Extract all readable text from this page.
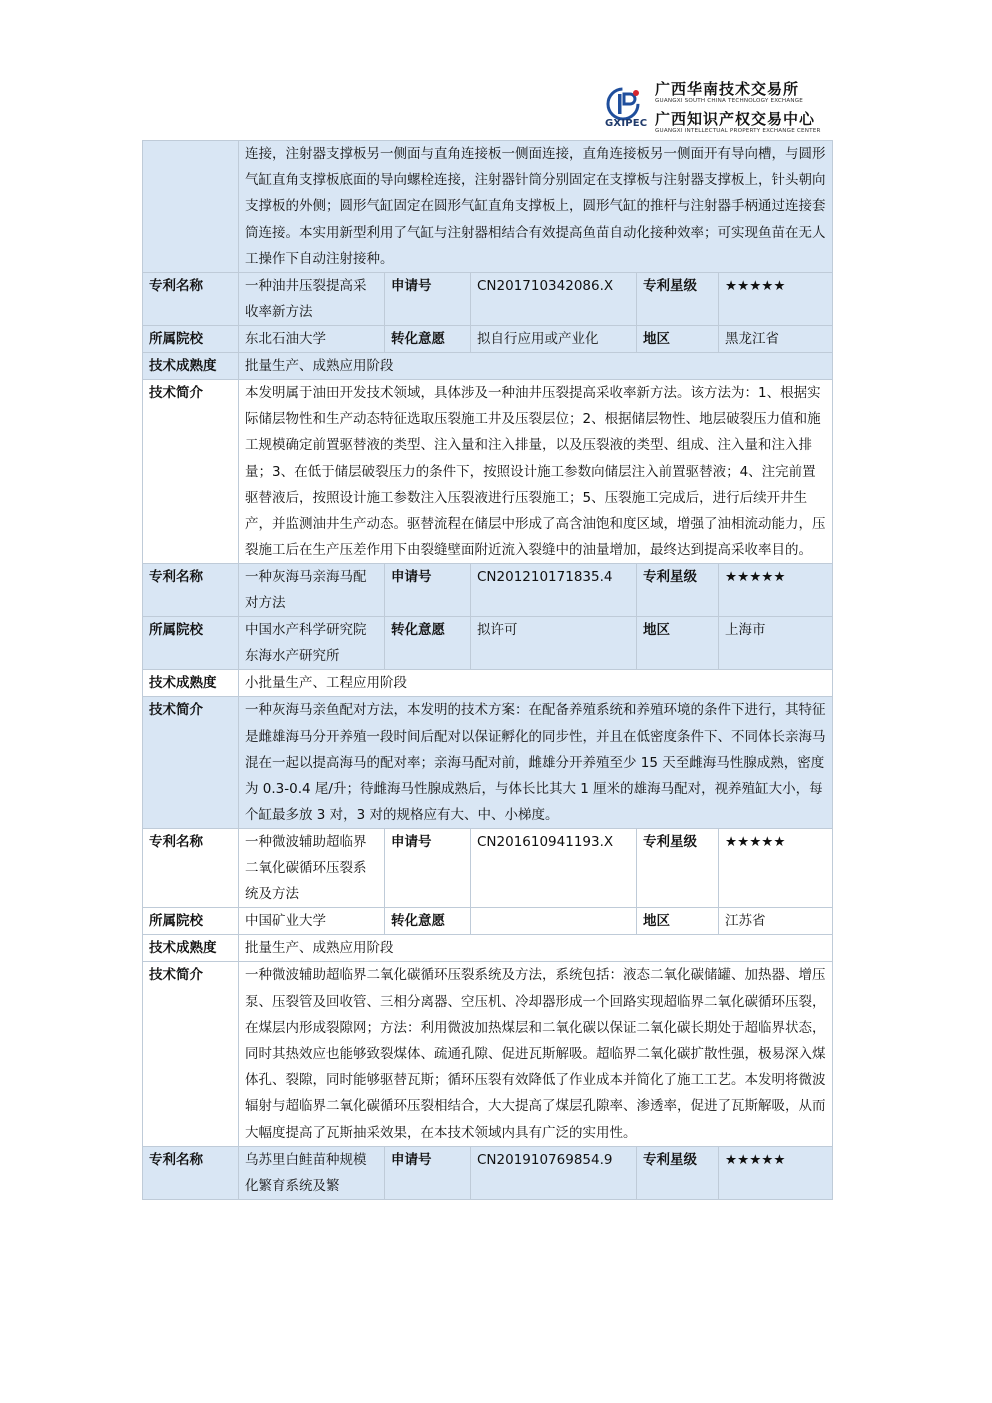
GXIPEC
广西华南技术交易所
GUANGXI SOUTH CHINA TECHNOLOGY EXCHANGE
广西知识产权交易中心
GUANGXI INTELLECTUAL PROPERTY EXCHANGE CENTER
	连接，注射器支撑板另一侧面与直角连接板一侧面连接，直角连接板另一侧面开有导向槽，与圆形气缸直角支撑板底面的导向螺栓连接，注射器针筒分别固定在支撑板与注射器支撑板上，针头朝向支撑板的外侧；圆形气缸固定在圆形气缸直角支撑板上，圆形气缸的推杆与注射器手柄通过连接套筒连接。本实用新型利用了气缸与注射器相结合有效提高鱼苗自动化接种效率；可实现鱼苗在无人工操作下自动注射接种。				
专利名称	一种油井压裂提高采收率新方法	申请号	CN201710342086.X	专利星级	★★★★★
所属院校	东北石油大学	转化意愿	拟自行应用或产业化	地区	黑龙江省
技术成熟度	批量生产、成熟应用阶段				
技术简介	本发明属于油田开发技术领域，具体涉及一种油井压裂提高采收率新方法。该方法为：1、根据实际储层物性和生产动态特征选取压裂施工井及压裂层位；2、根据储层物性、地层破裂压力值和施工规模确定前置驱替液的类型、注入量和注入排量，以及压裂液的类型、组成、注入量和注入排量；3、在低于储层破裂压力的条件下，按照设计施工参数向储层注入前置驱替液；4、注完前置驱替液后，按照设计施工参数注入压裂液进行压裂施工；5、压裂施工完成后，进行后续开井生产，并监测油井生产动态。驱替流程在储层中形成了高含油饱和度区域，增强了油相流动能力，压裂施工后在生产压差作用下由裂缝壁面附近流入裂缝中的油量增加，最终达到提高采收率目的。				
专利名称	一种灰海马亲海马配对方法	申请号	CN201210171835.4	专利星级	★★★★★
所属院校	中国水产科学研究院东海水产研究所	转化意愿	拟许可	地区	上海市
技术成熟度	小批量生产、工程应用阶段				
技术简介	一种灰海马亲鱼配对方法，本发明的技术方案：在配备养殖系统和养殖环境的条件下进行，其特征是雌雄海马分开养殖一段时间后配对以保证孵化的同步性，并且在低密度条件下、不同体长亲海马混在一起以提高海马的配对率；亲海马配对前，雌雄分开养殖至少 15 天至雌海马性腺成熟，密度为 0.3-0.4 尾/升；待雌海马性腺成熟后，与体长比其大 1 厘米的雄海马配对，视养殖缸大小，每个缸最多放 3 对，3 对的规格应有大、中、小梯度。				
专利名称	一种微波辅助超临界二氧化碳循环压裂系统及方法	申请号	CN201610941193.X	专利星级	★★★★★
所属院校	中国矿业大学	转化意愿		地区	江苏省
技术成熟度	批量生产、成熟应用阶段				
技术简介	一种微波辅助超临界二氧化碳循环压裂系统及方法，系统包括：液态二氧化碳储罐、加热器、增压泵、压裂管及回收管、三相分离器、空压机、冷却器形成一个回路实现超临界二氧化碳循环压裂，在煤层内形成裂隙网；方法：利用微波加热煤层和二氧化碳以保证二氧化碳长期处于超临界状态，同时其热效应也能够致裂煤体、疏通孔隙、促进瓦斯解吸。超临界二氧化碳扩散性强，极易深入煤体孔、裂隙，同时能够驱替瓦斯；循环压裂有效降低了作业成本并简化了施工工艺。本发明将微波辐射与超临界二氧化碳循环压裂相结合，大大提高了煤层孔隙率、渗透率，促进了瓦斯解吸，从而大幅度提高了瓦斯抽采效果，在本技术领域内具有广泛的实用性。				
专利名称	乌苏里白鲑苗种规模化繁育系统及繁	申请号	CN201910769854.9	专利星级	★★★★★
